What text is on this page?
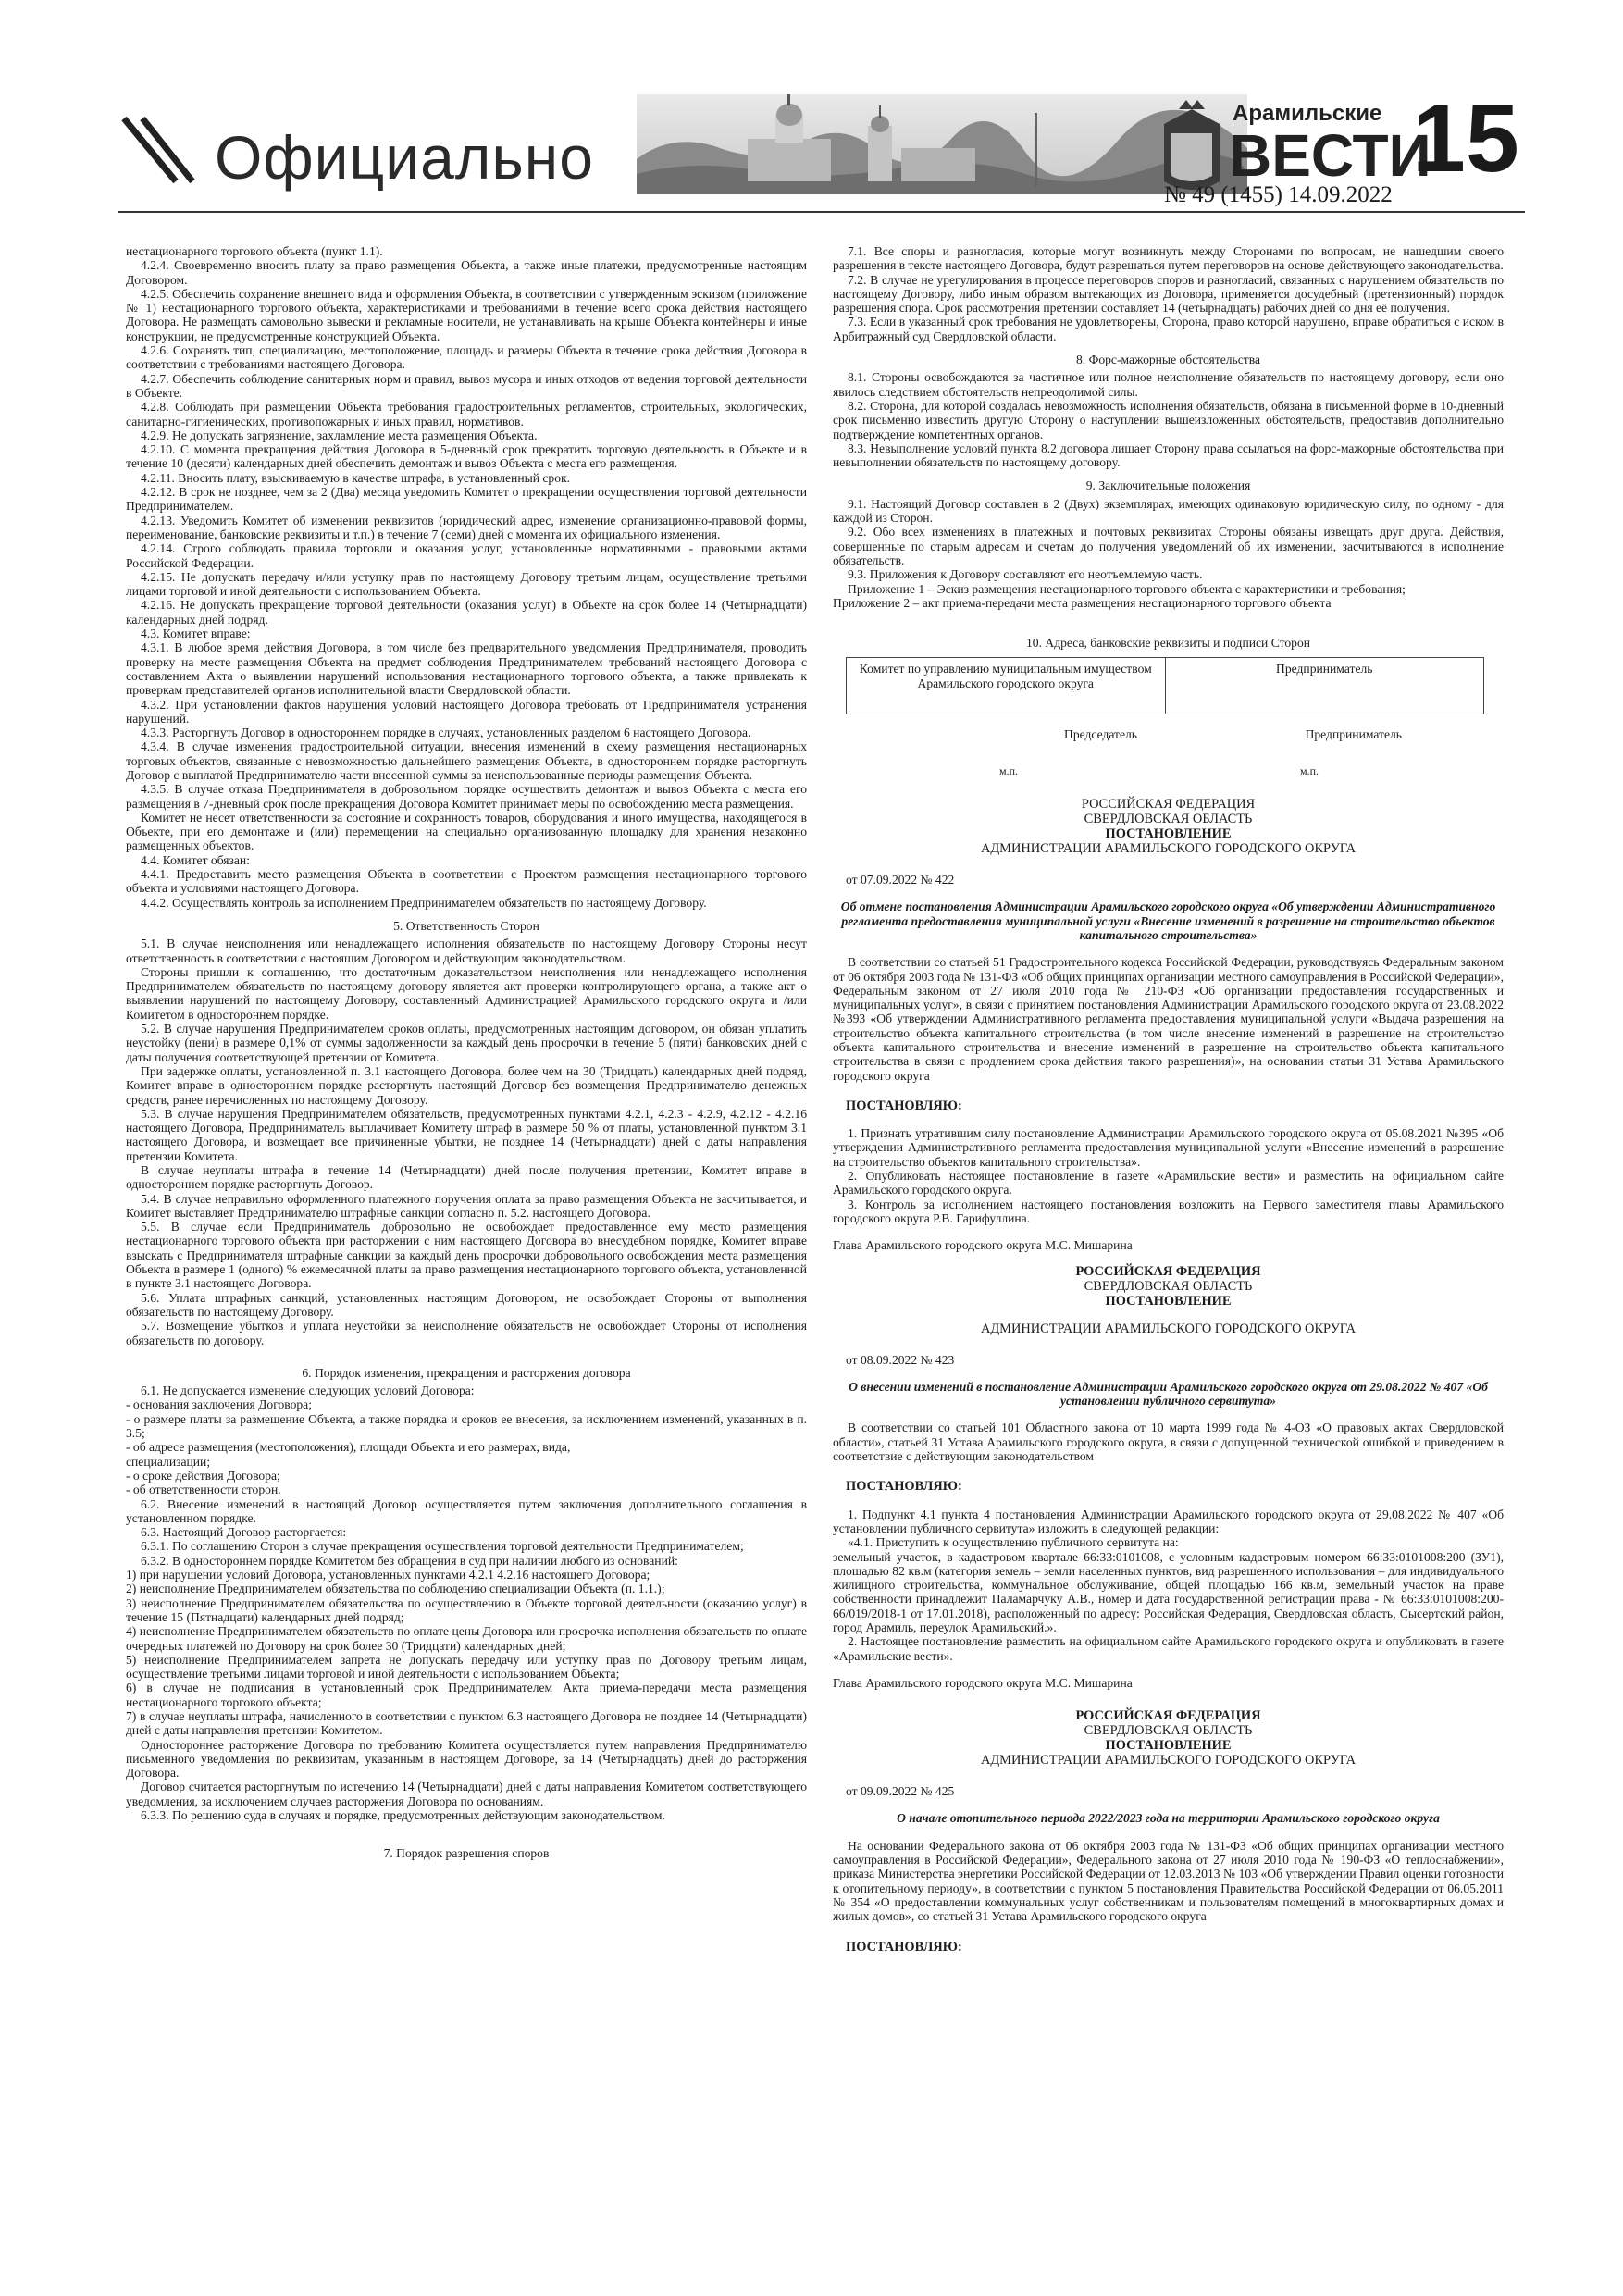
Официально
Арамильские
ВЕСТИ
15
№ 49 (1455) 14.09.2022

нестационарного торгового объекта (пункт 1.1).

4.2.4. Своевременно вносить плату за право размещения Объекта, а также иные платежи, предусмотренные настоящим Договором.

4.2.5. Обеспечить сохранение внешнего вида и оформления Объекта, в соответствии с утвержденным эскизом (приложение № 1) нестационарного торгового объекта, характеристиками и требованиями в течение всего срока действия настоящего Договора. Не размещать самовольно вывески и рекламные носители, не устанавливать на крыше Объекта контейнеры и иные конструкции, не предусмотренные конструкцией Объекта.

4.2.6. Сохранять тип, специализацию, местоположение, площадь и размеры Объекта в течение срока действия Договора в соответствии с требованиями настоящего Договора.

4.2.7. Обеспечить соблюдение санитарных норм и правил, вывоз мусора и иных отходов от ведения торговой деятельности в Объекте.

4.2.8. Соблюдать при размещении Объекта требования градостроительных регламентов, строительных, экологических, санитарно-гигиенических, противопожарных и иных правил, нормативов.

4.2.9. Не допускать загрязнение, захламление места размещения Объекта.

4.2.10. С момента прекращения действия Договора в 5-дневный срок прекратить торговую деятельность в Объекте и в течение 10 (десяти) календарных дней обеспечить демонтаж и вывоз Объекта с места его размещения.

4.2.11. Вносить плату, взыскиваемую в качестве штрафа, в установленный срок.

4.2.12. В срок не позднее, чем за 2 (Два) месяца уведомить Комитет о прекращении осуществления торговой деятельности Предпринимателем.

4.2.13. Уведомить Комитет об изменении реквизитов (юридический адрес, изменение организационно-правовой формы, переименование, банковские реквизиты и т.п.) в течение 7 (семи) дней с момента их официального изменения.

4.2.14. Строго соблюдать правила торговли и оказания услуг, установленные нормативными - правовыми актами Российской Федерации.

4.2.15. Не допускать передачу и/или уступку прав по настоящему Договору третьим лицам, осуществление третьими лицами торговой и иной деятельности с использованием Объекта.

4.2.16. Не допускать прекращение торговой деятельности (оказания услуг) в Объекте на срок более 14 (Четырнадцати) календарных дней подряд.

4.3. Комитет вправе:

4.3.1. В любое время действия Договора, в том числе без предварительного уведомления Предпринимателя, проводить проверку на месте размещения Объекта на предмет соблюдения Предпринимателем требований настоящего Договора с составлением Акта о выявлении нарушений использования нестационарного торгового объекта, а также привлекать к проверкам представителей органов исполнительной власти Свердловской области.

4.3.2. При установлении фактов нарушения условий настоящего Договора требовать от Предпринимателя устранения нарушений.

4.3.3. Расторгнуть Договор в одностороннем порядке в случаях, установленных разделом 6 настоящего Договора.

4.3.4. В случае изменения градостроительной ситуации, внесения изменений в схему размещения нестационарных торговых объектов, связанные с невозможностью дальнейшего размещения Объекта, в одностороннем порядке расторгнуть Договор с выплатой Предпринимателю части внесенной суммы за неиспользованные периоды размещения Объекта.

4.3.5. В случае отказа Предпринимателя в добровольном порядке осуществить демонтаж и вывоз Объекта с места его размещения в 7-дневный срок после прекращения Договора Комитет принимает меры по освобождению места размещения.

Комитет не несет ответственности за состояние и сохранность товаров, оборудования и иного имущества, находящегося в Объекте, при его демонтаже и (или) перемещении на специально организованную площадку для хранения незаконно размещенных объектов.

4.4. Комитет обязан:

4.4.1. Предоставить место размещения Объекта в соответствии с Проектом размещения нестационарного торгового объекта и условиями настоящего Договора.

4.4.2. Осуществлять контроль за исполнением Предпринимателем обязательств по настоящему Договору.

5. Ответственность Сторон

5.1. В случае неисполнения или ненадлежащего исполнения обязательств по настоящему Договору Стороны несут ответственность в соответствии с настоящим Договором и действующим законодательством.

Стороны пришли к соглашению, что достаточным доказательством неисполнения или ненадлежащего исполнения Предпринимателем обязательств по настоящему договору является акт проверки контролирующего органа, а также акт о выявлении нарушений по настоящему Договору, составленный Администрацией Арамильского городского округа и /или Комитетом в одностороннем порядке.

5.2. В случае нарушения Предпринимателем сроков оплаты, предусмотренных настоящим договором, он обязан уплатить неустойку (пени) в размере 0,1% от суммы задолженности за каждый день просрочки в течение 5 (пяти) банковских дней с даты получения соответствующей претензии от Комитета.

При задержке оплаты, установленной п. 3.1 настоящего Договора, более чем на 30 (Тридцать) календарных дней подряд, Комитет вправе в одностороннем порядке расторгнуть настоящий Договор без возмещения Предпринимателю денежных средств, ранее перечисленных по настоящему Договору.

5.3. В случае нарушения Предпринимателем обязательств, предусмотренных пунктами 4.2.1, 4.2.3 - 4.2.9, 4.2.12 - 4.2.16 настоящего Договора, Предприниматель выплачивает Комитету штраф в размере 50 % от платы, установленной пунктом 3.1 настоящего Договора, и возмещает все причиненные убытки, не позднее 14 (Четырнадцати) дней с даты направления претензии Комитета.

В случае неуплаты штрафа в течение 14 (Четырнадцати) дней после получения претензии, Комитет вправе в одностороннем порядке расторгнуть Договор.

5.4. В случае неправильно оформленного платежного поручения оплата за право размещения Объекта не засчитывается, и Комитет выставляет Предпринимателю штрафные санкции согласно п. 5.2. настоящего Договора.

5.5. В случае если Предприниматель добровольно не освобождает предоставленное ему место размещения нестационарного торгового объекта при расторжении с ним настоящего Договора во внесудебном порядке, Комитет вправе взыскать с Предпринимателя штрафные санкции за каждый день просрочки добровольного освобождения места размещения Объекта в размере 1 (одного) % ежемесячной платы за право размещения нестационарного торгового объекта, установленной в пункте 3.1 настоящего Договора.

5.6. Уплата штрафных санкций, установленных настоящим Договором, не освобождает Стороны от выполнения обязательств по настоящему Договору.

5.7. Возмещение убытков и уплата неустойки за неисполнение обязательств не освобождает Стороны от исполнения обязательств по договору.

6. Порядок изменения, прекращения и расторжения договора

6.1. Не допускается изменение следующих условий Договора:

- основания заключения Договора;

- о размере платы за размещение Объекта, а также порядка и сроков ее внесения, за исключением изменений, указанных в п. 3.5;

- об адресе размещения (местоположения), площади Объекта и его размерах, вида,

специализации;

- о сроке действия Договора;

- об ответственности сторон.

6.2. Внесение изменений в настоящий Договор осуществляется путем заключения дополнительного соглашения в установленном порядке.

6.3. Настоящий Договор расторгается:

6.3.1. По соглашению Сторон в случае прекращения осуществления торговой деятельности Предпринимателем;

6.3.2. В одностороннем порядке Комитетом без обращения в суд при наличии любого из оснований:

1) при нарушении условий Договора, установленных пунктами 4.2.1 4.2.16 настоящего Договора;

2) неисполнение Предпринимателем обязательства по соблюдению специализации Объекта (п. 1.1.);

3) неисполнение Предпринимателем обязательства по осуществлению в Объекте торговой деятельности (оказанию услуг) в течение 15 (Пятнадцати) календарных дней подряд;

4) неисполнение Предпринимателем обязательств по оплате цены Договора или просрочка исполнения обязательств по оплате очередных платежей по Договору на срок более 30 (Тридцати) календарных дней;

5) неисполнение Предпринимателем запрета не допускать передачу или уступку прав по Договору третьим лицам, осуществление третьими лицами торговой и иной деятельности с использованием Объекта;

6) в случае не подписания в установленный срок Предпринимателем Акта приема-передачи места размещения нестационарного торгового объекта;

7) в случае неуплаты штрафа, начисленного в соответствии с пунктом 6.3 настоящего Договора не позднее 14 (Четырнадцати) дней с даты направления претензии Комитетом.

Одностороннее расторжение Договора по требованию Комитета осуществляется путем направления Предпринимателю письменного уведомления по реквизитам, указанным в настоящем Договоре, за 14 (Четырнадцать) дней до расторжения Договора.

Договор считается расторгнутым по истечению 14 (Четырнадцати) дней с даты направления Комитетом соответствующего уведомления, за исключением случаев расторжения Договора по основаниям.

6.3.3. По решению суда в случаях и порядке, предусмотренных действующим законодательством.

7. Порядок разрешения споров

7.1. Все споры и разногласия, которые могут возникнуть между Сторонами по вопросам, не нашедшим своего разрешения в тексте настоящего Договора, будут разрешаться путем переговоров на основе действующего законодательства.

7.2. В случае не урегулирования в процессе переговоров споров и разногласий, связанных с нарушением обязательств по настоящему Договору, либо иным образом вытекающих из Договора, применяется досудебный (претензионный) порядок разрешения спора. Срок рассмотрения претензии составляет 14 (четырнадцать) рабочих дней со дня её получения.

7.3. Если в указанный срок требования не удовлетворены, Сторона, право которой нарушено, вправе обратиться с иском в Арбитражный суд Свердловской области.

8. Форс-мажорные обстоятельства

8.1. Стороны освобождаются за частичное или полное неисполнение обязательств по настоящему договору, если оно явилось следствием обстоятельств непреодолимой силы.

8.2. Сторона, для которой создалась невозможность исполнения обязательств, обязана в письменной форме в 10-дневный срок письменно известить другую Сторону о наступлении вышеизложенных обстоятельств, предоставив дополнительно подтверждение компетентных органов.

8.3. Невыполнение условий пункта 8.2 договора лишает Сторону права ссылаться на форс-мажорные обстоятельства при невыполнении обязательств по настоящему договору.

9. Заключительные положения

9.1. Настоящий Договор составлен в 2 (Двух) экземплярах, имеющих одинаковую юридическую силу, по одному - для каждой из Сторон.

9.2. Обо всех изменениях в платежных и почтовых реквизитах Стороны обязаны извещать друг друга. Действия, совершенные по старым адресам и счетам до получения уведомлений об их изменении, засчитываются в исполнение обязательств.

9.3. Приложения к Договору составляют его неотъемлемую часть.

Приложение 1 – Эскиз размещения нестационарного торгового объекта с характеристики и требования;

Приложение 2 – акт приема-передачи места размещения нестационарного торгового объекта

10. Адреса, банковские реквизиты и подписи Сторон

Комитет по управлению муниципальным имуществом Арамильского городского округа	Предприниматель
Председатель	Предприниматель
м.п.	м.п.

РОССИЙСКАЯ ФЕДЕРАЦИЯ

СВЕРДЛОВСКАЯ ОБЛАСТЬ

ПОСТАНОВЛЕНИЕ

АДМИНИСТРАЦИИ АРАМИЛЬСКОГО ГОРОДСКОГО ОКРУГА

от 07.09.2022 № 422

Об отмене постановления Администрации Арамильского городского округа «Об утверждении Административного регламента предоставления муниципальной услуги «Внесение изменений в разрешение на строительство объектов капитального строительства»

В соответствии со статьей 51 Градостроительного кодекса Российской Федерации, руководствуясь Федеральным законом от 06 октября 2003 года № 131-ФЗ «Об общих принципах организации местного самоуправления в Российской Федерации», Федеральным законом от 27 июля 2010 года № 210-ФЗ «Об организации предоставления государственных и муниципальных услуг», в связи с принятием постановления Администрации Арамильского городского округа от 23.08.2022 №393 «Об утверждении Административного регламента предоставления муниципальной услуги «Выдача разрешения на строительство объекта капитального строительства (в том числе внесение изменений в разрешение на строительство объекта капитального строительства и внесение изменений в разрешение на строительство объекта капитального строительства в связи с продлением срока действия такого разрешения)», на основании статьи 31 Устава Арамильского городского округа

ПОСТАНОВЛЯЮ:

1. Признать утратившим силу постановление Администрации Арамильского городского округа от 05.08.2021 №395 «Об утверждении Административного регламента предоставления муниципальной услуги «Внесение изменений в разрешение на строительство объектов капитального строительства».

2. Опубликовать настоящее постановление в газете «Арамильские вести» и разместить на официальном сайте Арамильского городского округа.

3. Контроль за исполнением настоящего постановления возложить на Первого заместителя главы Арамильского городского округа Р.В. Гарифуллина.

Глава Арамильского городского округа М.С. Мишарина

РОССИЙСКАЯ ФЕДЕРАЦИЯ

СВЕРДЛОВСКАЯ ОБЛАСТЬ

ПОСТАНОВЛЕНИЕ

АДМИНИСТРАЦИИ АРАМИЛЬСКОГО ГОРОДСКОГО ОКРУГА

от 08.09.2022 № 423

О внесении изменений в постановление Администрации Арамильского городского округа от 29.08.2022 № 407 «Об установлении публичного сервитута»

В соответствии со статьей 101 Областного закона от 10 марта 1999 года № 4-ОЗ «О правовых актах Свердловской области», статьей 31 Устава Арамильского городского округа, в связи с допущенной технической ошибкой и приведением в соответствие с действующим законодательством

ПОСТАНОВЛЯЮ:

1. Подпункт 4.1 пункта 4 постановления Администрации Арамильского городского округа от 29.08.2022 № 407 «Об установлении публичного сервитута» изложить в следующей редакции:

«4.1. Приступить к осуществлению публичного сервитута на:

земельный участок, в кадастровом квартале 66:33:0101008, с условным кадастровым номером 66:33:0101008:200 (ЗУ1), площадью 82 кв.м (категория земель – земли населенных пунктов, вид разрешенного использования – для индивидуального жилищного строительства, коммунальное обслуживание, общей площадью 166 кв.м, земельный участок на праве собственности принадлежит Паламарчуку А.В., номер и дата государственной регистрации права - № 66:33:0101008:200-66/019/2018-1 от 17.01.2018), расположенный по адресу: Российская Федерация, Свердловская область, Сысертский район, город Арамиль, переулок Арамильский.».

2. Настоящее постановление разместить на официальном сайте Арамильского городского округа и опубликовать в газете «Арамильские вести».

Глава Арамильского городского округа М.С. Мишарина

РОССИЙСКАЯ ФЕДЕРАЦИЯ

СВЕРДЛОВСКАЯ ОБЛАСТЬ

ПОСТАНОВЛЕНИЕ

АДМИНИСТРАЦИИ АРАМИЛЬСКОГО ГОРОДСКОГО ОКРУГА

от 09.09.2022 № 425

О начале отопительного периода 2022/2023 года на территории Арамильского городского округа

На основании Федерального закона от 06 октября 2003 года № 131-ФЗ «Об общих принципах организации местного самоуправления в Российской Федерации», Федерального закона от 27 июля 2010 года № 190-ФЗ «О теплоснабжении», приказа Министерства энергетики Российской Федерации от 12.03.2013 № 103 «Об утверждении Правил оценки готовности к отопительному периоду», в соответствии с пунктом 5 постановления Правительства Российской Федерации от 06.05.2011 № 354 «О предоставлении коммунальных услуг собственникам и пользователям помещений в многоквартирных домах и жилых домов», со статьей 31 Устава Арамильского городского округа

ПОСТАНОВЛЯЮ:
